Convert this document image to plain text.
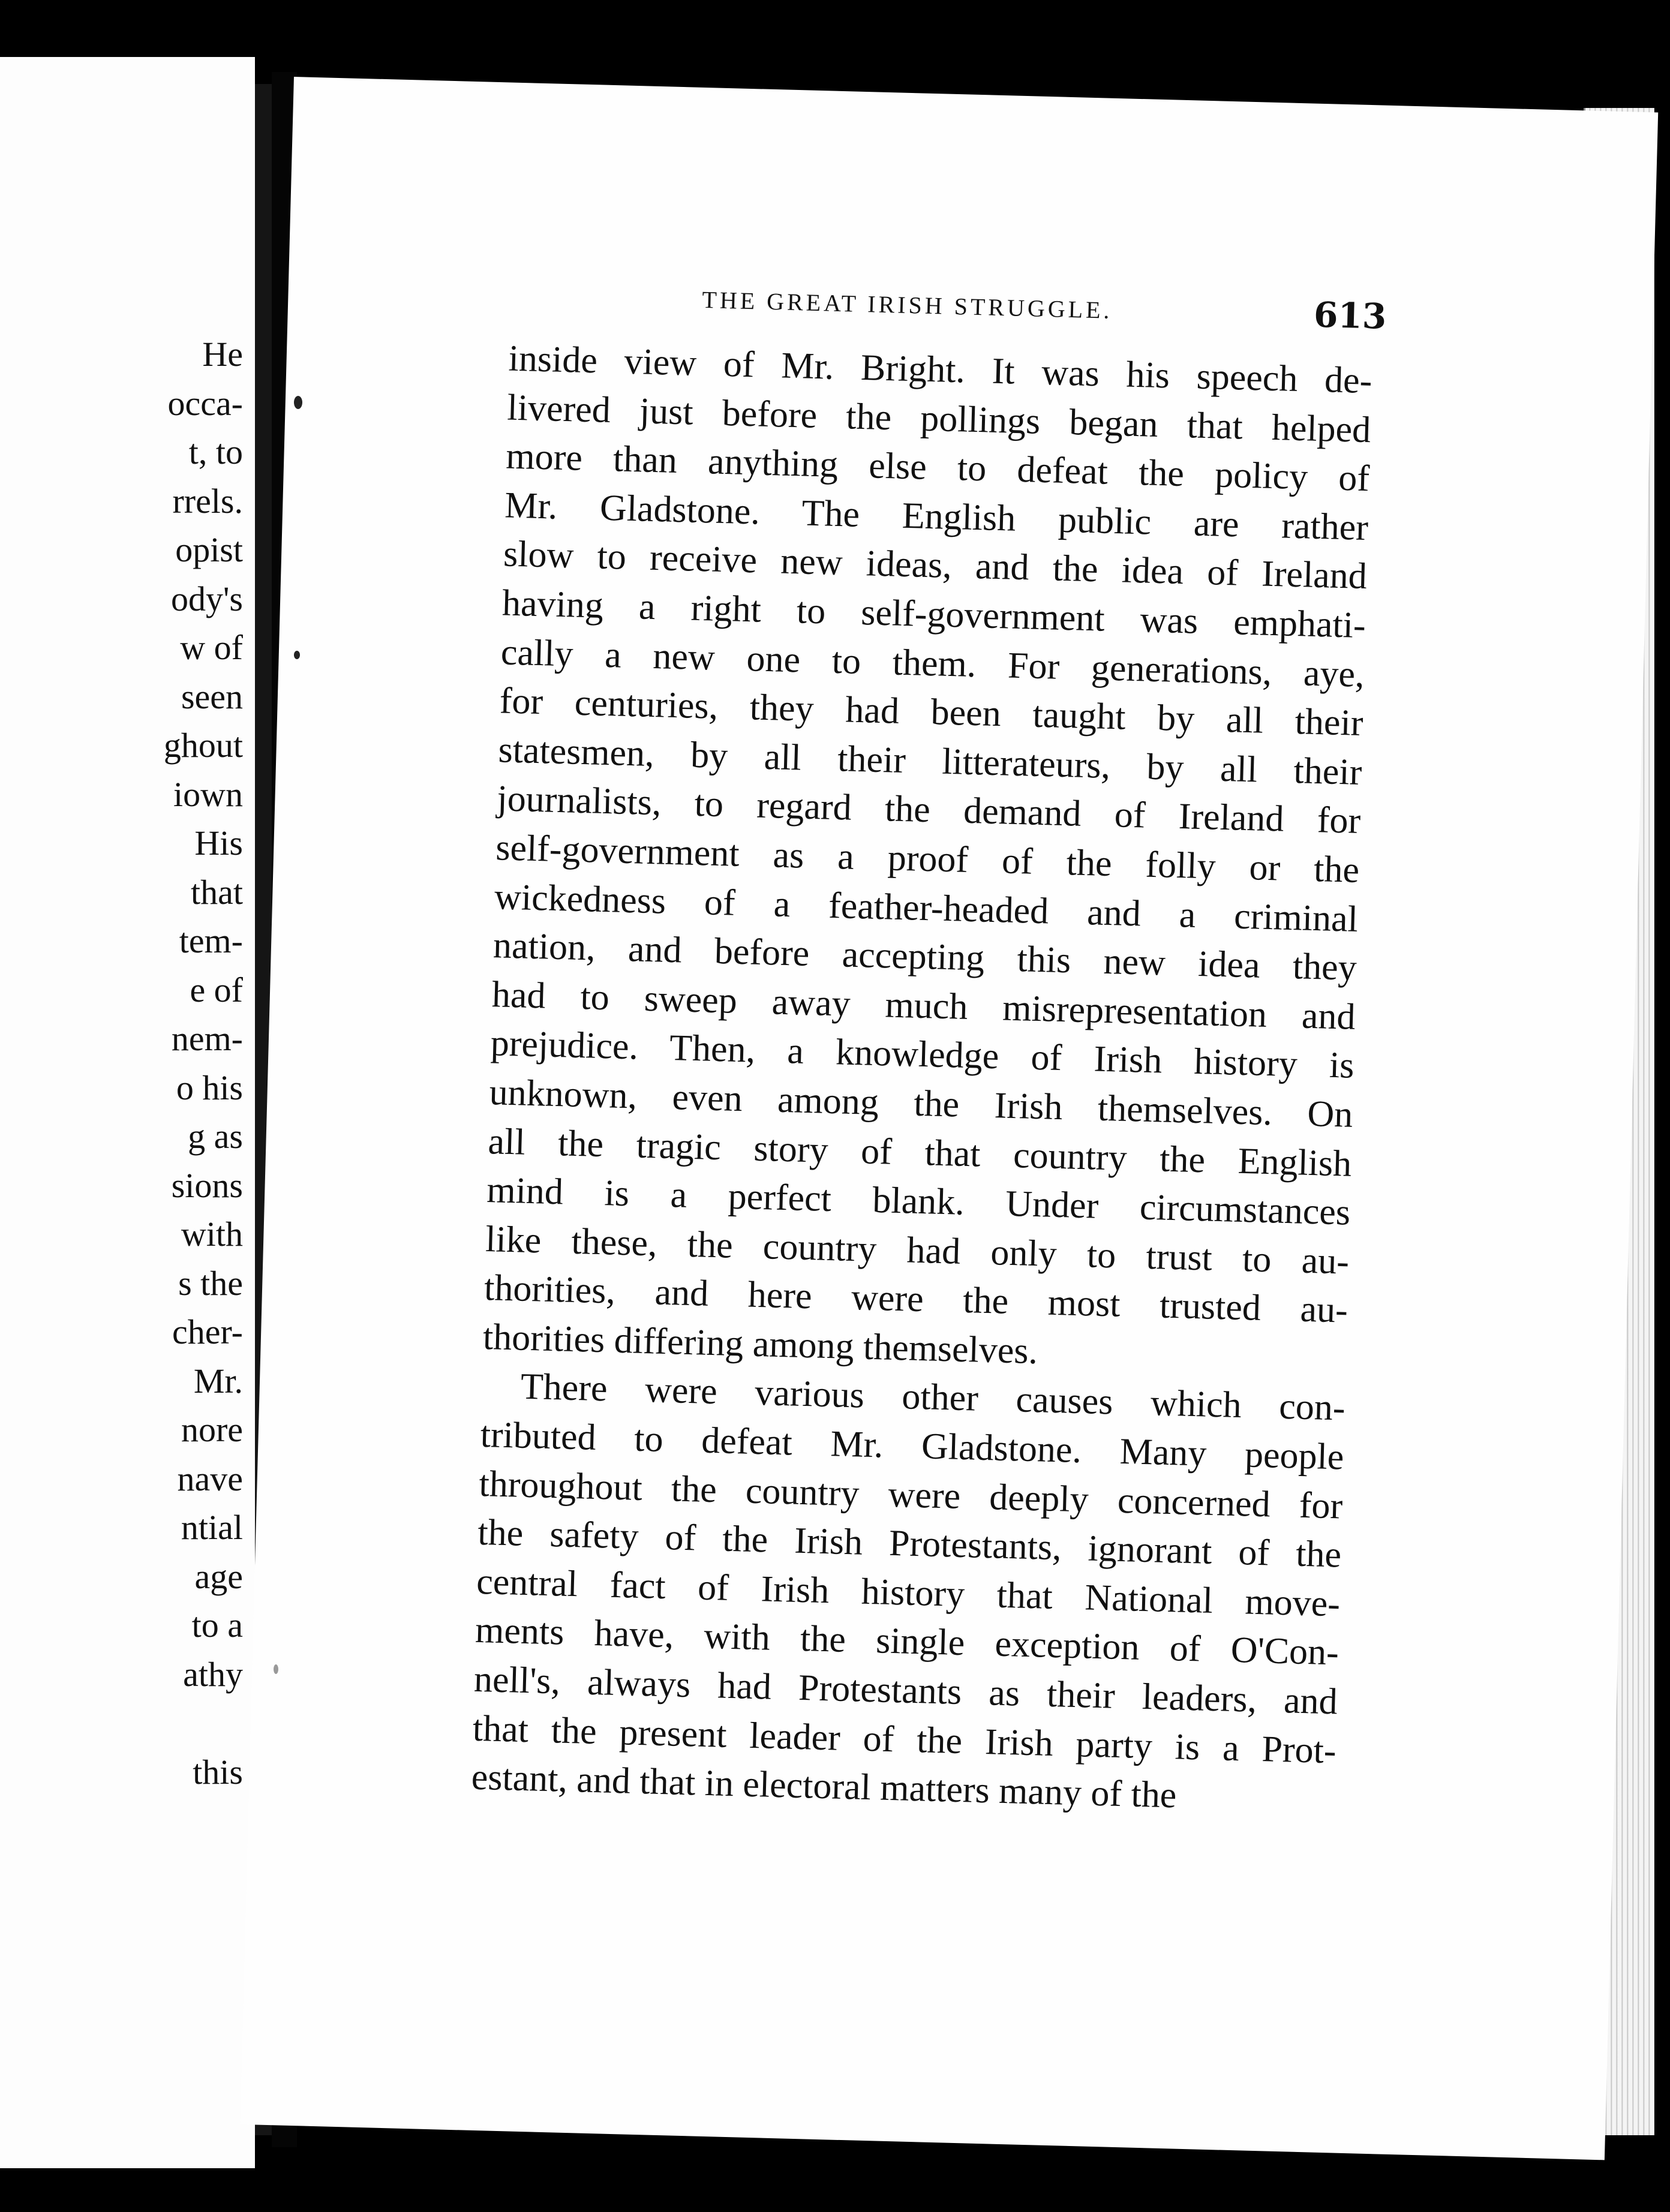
He
occa-
t, to
rrels.
opist
ody's
w of
seen
ghout
iown
His
that
tem-
e of
nem-
o his
g as
sions
with
s the
cher-
Mr.
nore
nave
ntial
age
to a
athy
this
THE GREAT IRISH STRUGGLE.	613
inside view of Mr. Bright. It was his speech de-
livered just before the pollings began that helped
more than anything else to defeat the policy of
Mr. Gladstone. The English public are rather
slow to receive new ideas, and the idea of Ireland
having a right to self-government was emphati-
cally a new one to them. For generations, aye,
for centuries, they had been taught by all their
statesmen, by all their litterateurs, by all their
journalists, to regard the demand of Ireland for
self-government as a proof of the folly or the
wickedness of a feather-headed and a criminal
nation, and before accepting this new idea they
had to sweep away much misrepresentation and
prejudice. Then, a knowledge of Irish history is
unknown, even among the Irish themselves. On
all the tragic story of that country the English
mind is a perfect blank. Under circumstances
like these, the country had only to trust to au-
thorities, and here were the most trusted au-
thorities differing among themselves.
There were various other causes which con-
tributed to defeat Mr. Gladstone. Many people
throughout the country were deeply concerned for
the safety of the Irish Protestants, ignorant of the
central fact of Irish history that National move-
ments have, with the single exception of O'Con-
nell's, always had Protestants as their leaders, and
that the present leader of the Irish party is a Prot-
estant, and that in electoral matters many of the
